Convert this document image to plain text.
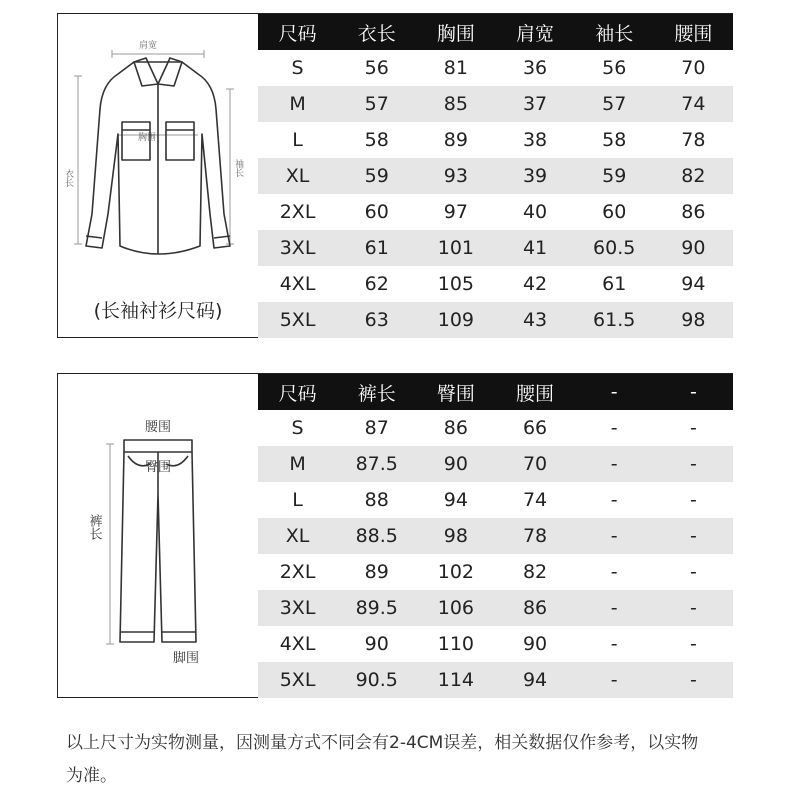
肩宽
胸围
衣长
袖长
(长袖衬衫尺码)
尺码	衣长	胸围	肩宽	袖长	腰围
S	56	81	36	56	70
M	57	85	37	57	74
L	58	89	38	58	78
XL	59	93	39	59	82
2XL	60	97	40	60	86
3XL	61	101	41	60.5	90
4XL	62	105	42	61	94
5XL	63	109	43	61.5	98
腰围
臀围
裤长
脚围
尺码	裤长	臀围	腰围	-	-
S	87	86	66	-	-
M	87.5	90	70	-	-
L	88	94	74	-	-
XL	88.5	98	78	-	-
2XL	89	102	82	-	-
3XL	89.5	106	86	-	-
4XL	90	110	90	-	-
5XL	90.5	114	94	-	-
以上尺寸为实物测量，因测量方式不同会有2-4CM误差，相关数据仅作参考，以实物为准。
